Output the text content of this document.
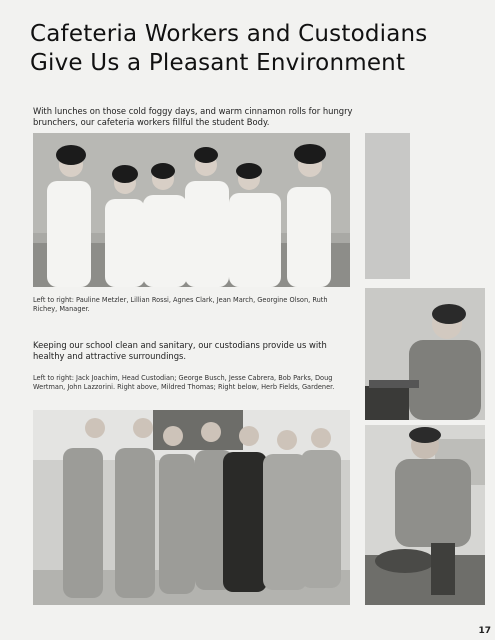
Cafeteria Workers and Custodians
Give Us a Pleasant Environment
With lunches on those cold foggy days, and warm cinnamon rolls for hungry brunchers, our cafeteria workers fillful the student Body.
Left to right: Pauline Metzler, Lillian Rossi, Agnes Clark, Jean March, Georgine Olson, Ruth Richey, Manager.
Keeping our school clean and sanitary, our custodians provide us with healthy and attractive surroundings.
Left to right: Jack Joachim, Head Custodian; George Busch, Jesse Cabrera, Bob Parks, Doug Wertman, John Lazzorini. Right above, Mildred Thomas; Right below, Herb Fields, Gardener.
17
